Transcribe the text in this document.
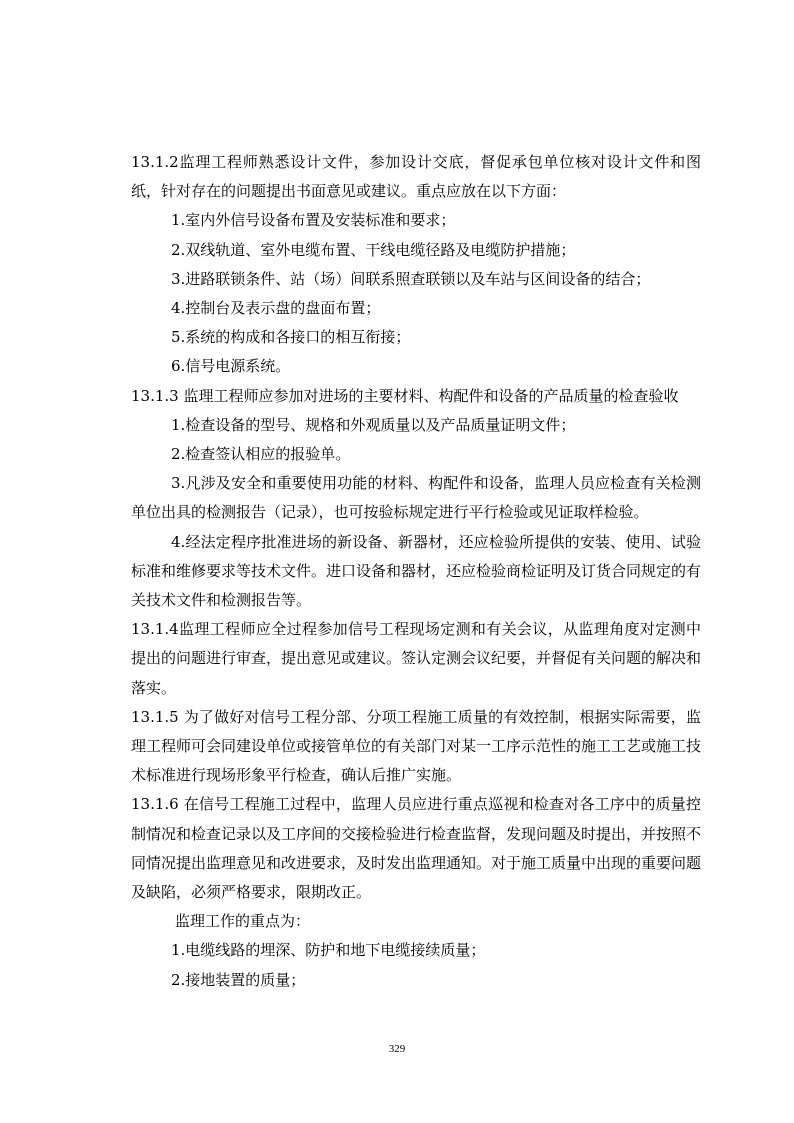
13.1.2监理工程师熟悉设计文件，参加设计交底，督促承包单位核对设计文件和图纸，针对存在的问题提出书面意见或建议。重点应放在以下方面：

1.室内外信号设备布置及安装标准和要求；

2.双线轨道、室外电缆布置、干线电缆径路及电缆防护措施；

3.进路联锁条件、站（场）间联系照查联锁以及车站与区间设备的结合；

4.控制台及表示盘的盘面布置；

5.系统的构成和各接口的相互衔接；

6.信号电源系统。

13.1.3 监理工程师应参加对进场的主要材料、构配件和设备的产品质量的检查验收

1.检查设备的型号、规格和外观质量以及产品质量证明文件；

2.检查签认相应的报验单。

3.凡涉及安全和重要使用功能的材料、构配件和设备，监理人员应检查有关检测单位出具的检测报告（记录），也可按验标规定进行平行检验或见证取样检验。

4.经法定程序批准进场的新设备、新器材，还应检验所提供的安装、使用、试验标准和维修要求等技术文件。进口设备和器材，还应检验商检证明及订货合同规定的有关技术文件和检测报告等。

13.1.4监理工程师应全过程参加信号工程现场定测和有关会议，从监理角度对定测中提出的问题进行审查，提出意见或建议。签认定测会议纪要，并督促有关问题的解决和落实。

13.1.5 为了做好对信号工程分部、分项工程施工质量的有效控制，根据实际需要，监理工程师可会同建设单位或接管单位的有关部门对某一工序示范性的施工工艺或施工技术标准进行现场形象平行检查，确认后推广实施。

13.1.6 在信号工程施工过程中，监理人员应进行重点巡视和检查对各工序中的质量控制情况和检查记录以及工序间的交接检验进行检查监督，发现问题及时提出，并按照不同情况提出监理意见和改进要求，及时发出监理通知。对于施工质量中出现的重要问题及缺陷，必须严格要求，限期改正。

监理工作的重点为：

1.电缆线路的埋深、防护和地下电缆接续质量；

2.接地装置的质量；

329
